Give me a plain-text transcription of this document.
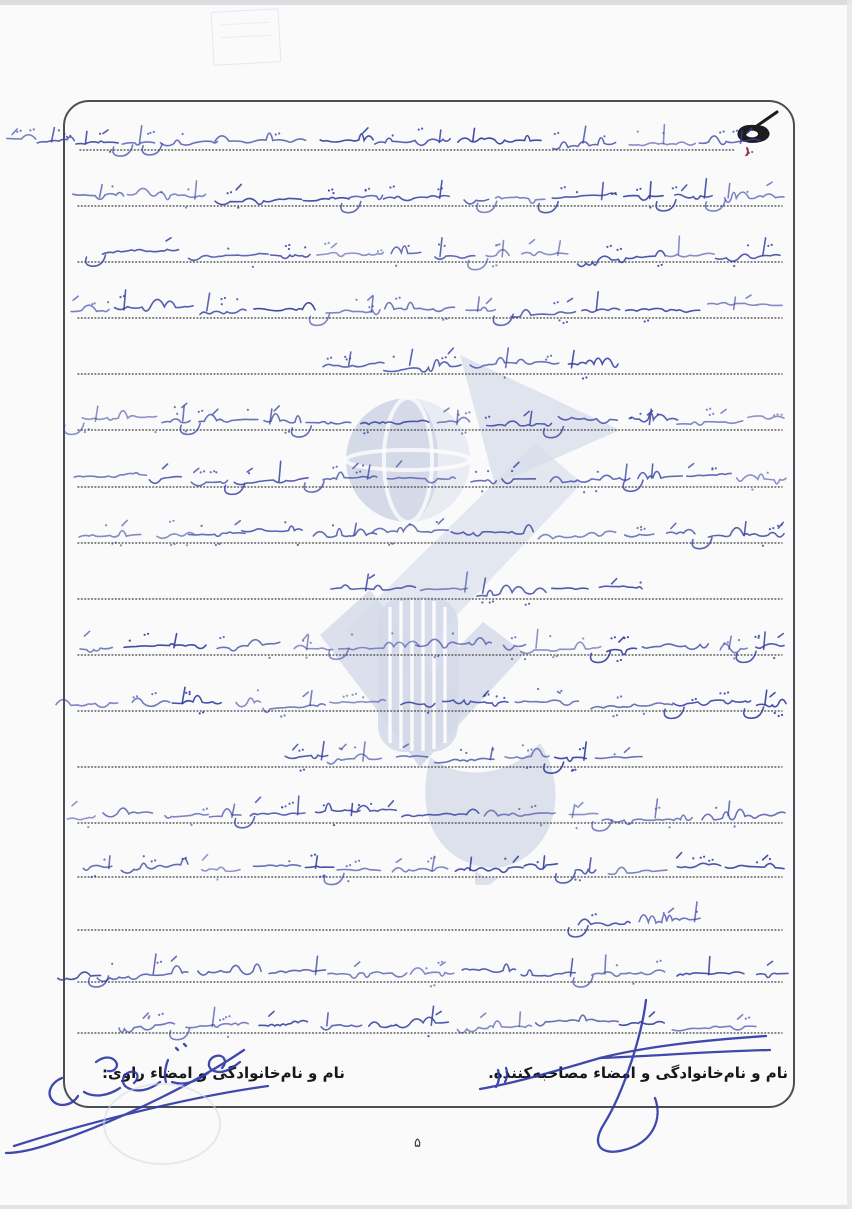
نام و نام‌خانوادگی و امضاء مصاحبه‌کننده.
نام و نام‌خانوادگی و امضاء راوی:
۵
